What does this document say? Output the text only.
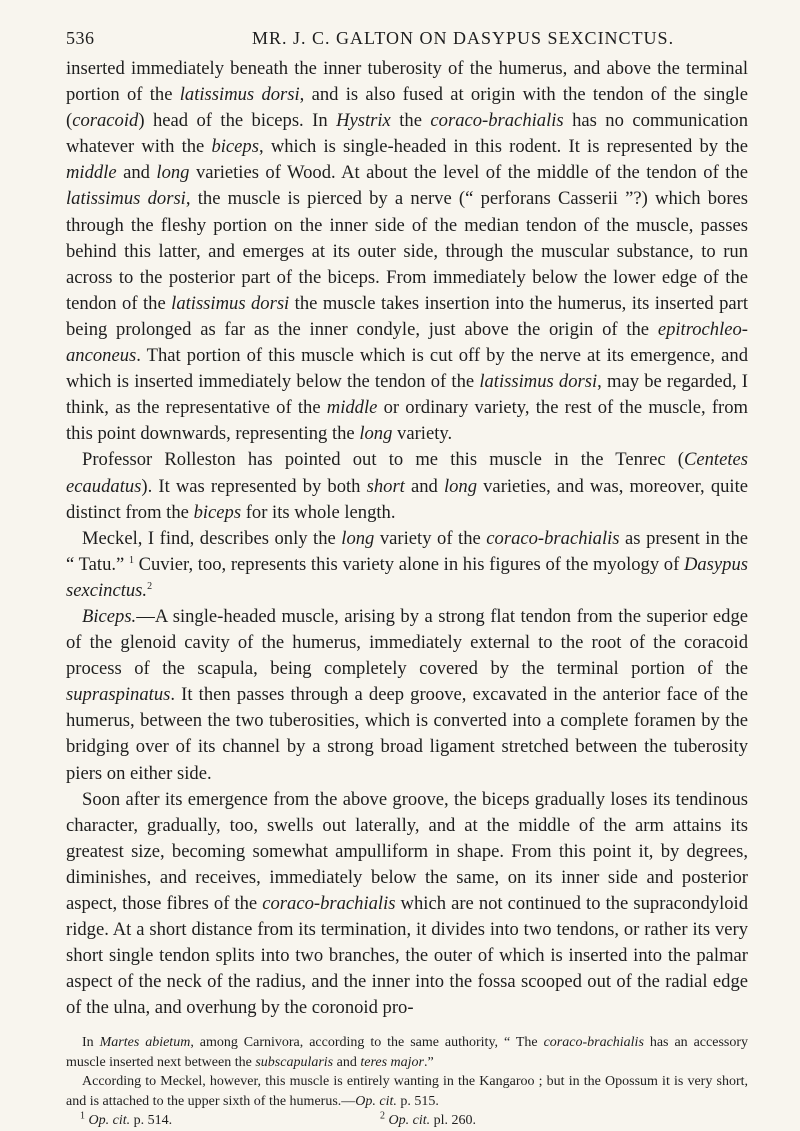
536	MR. J. C. GALTON ON DASYPUS SEXCINCTUS.

inserted immediately beneath the inner tuberosity of the humerus, and above the terminal portion of the latissimus dorsi, and is also fused at origin with the tendon of the single (coracoid) head of the biceps. In Hystrix the coraco-brachialis has no communication whatever with the biceps, which is single-headed in this rodent. It is represented by the middle and long varieties of Wood. At about the level of the middle of the tendon of the latissimus dorsi, the muscle is pierced by a nerve (“ perforans Casserii ”?) which bores through the fleshy portion on the inner side of the median tendon of the muscle, passes behind this latter, and emerges at its outer side, through the muscular substance, to run across to the posterior part of the biceps. From immediately below the lower edge of the tendon of the latissimus dorsi the muscle takes insertion into the humerus, its inserted part being prolonged as far as the inner condyle, just above the origin of the epitrochleo-anconeus. That portion of this muscle which is cut off by the nerve at its emergence, and which is inserted immediately below the tendon of the latissimus dorsi, may be regarded, I think, as the representative of the middle or ordinary variety, the rest of the muscle, from this point downwards, representing the long variety.

Professor Rolleston has pointed out to me this muscle in the Tenrec (Centetes ecaudatus). It was represented by both short and long varieties, and was, moreover, quite distinct from the biceps for its whole length.

Meckel, I find, describes only the long variety of the coraco-brachialis as present in the “ Tatu.” $^1$ Cuvier, too, represents this variety alone in his figures of the myology of Dasypus sexcinctus.$^2$

Biceps.—A single-headed muscle, arising by a strong flat tendon from the superior edge of the glenoid cavity of the humerus, immediately external to the root of the coracoid process of the scapula, being completely covered by the terminal portion of the supraspinatus. It then passes through a deep groove, excavated in the anterior face of the humerus, between the two tuberosities, which is converted into a complete foramen by the bridging over of its channel by a strong broad ligament stretched between the tuberosity piers on either side.

Soon after its emergence from the above groove, the biceps gradually loses its tendinous character, gradually, too, swells out laterally, and at the middle of the arm attains its greatest size, becoming somewhat ampulliform in shape. From this point it, by degrees, diminishes, and receives, immediately below the same, on its inner side and posterior aspect, those fibres of the coraco-brachialis which are not continued to the supracondyloid ridge. At a short distance from its termination, it divides into two tendons, or rather its very short single tendon splits into two branches, the outer of which is inserted into the palmar aspect of the neck of the radius, and the inner into the fossa scooped out of the radial edge of the ulna, and overhung by the coronoid pro-

In Martes abietum, among Carnivora, according to the same authority, “ The coraco-brachialis has an accessory muscle inserted next between the subscapularis and teres major.”

According to Meckel, however, this muscle is entirely wanting in the Kangaroo ; but in the Opossum it is very short, and is attached to the upper sixth of the humerus.—Op. cit. p. 515.

$^1$ Op. cit. p. 514.	$^2$ Op. cit. pl. 260.
